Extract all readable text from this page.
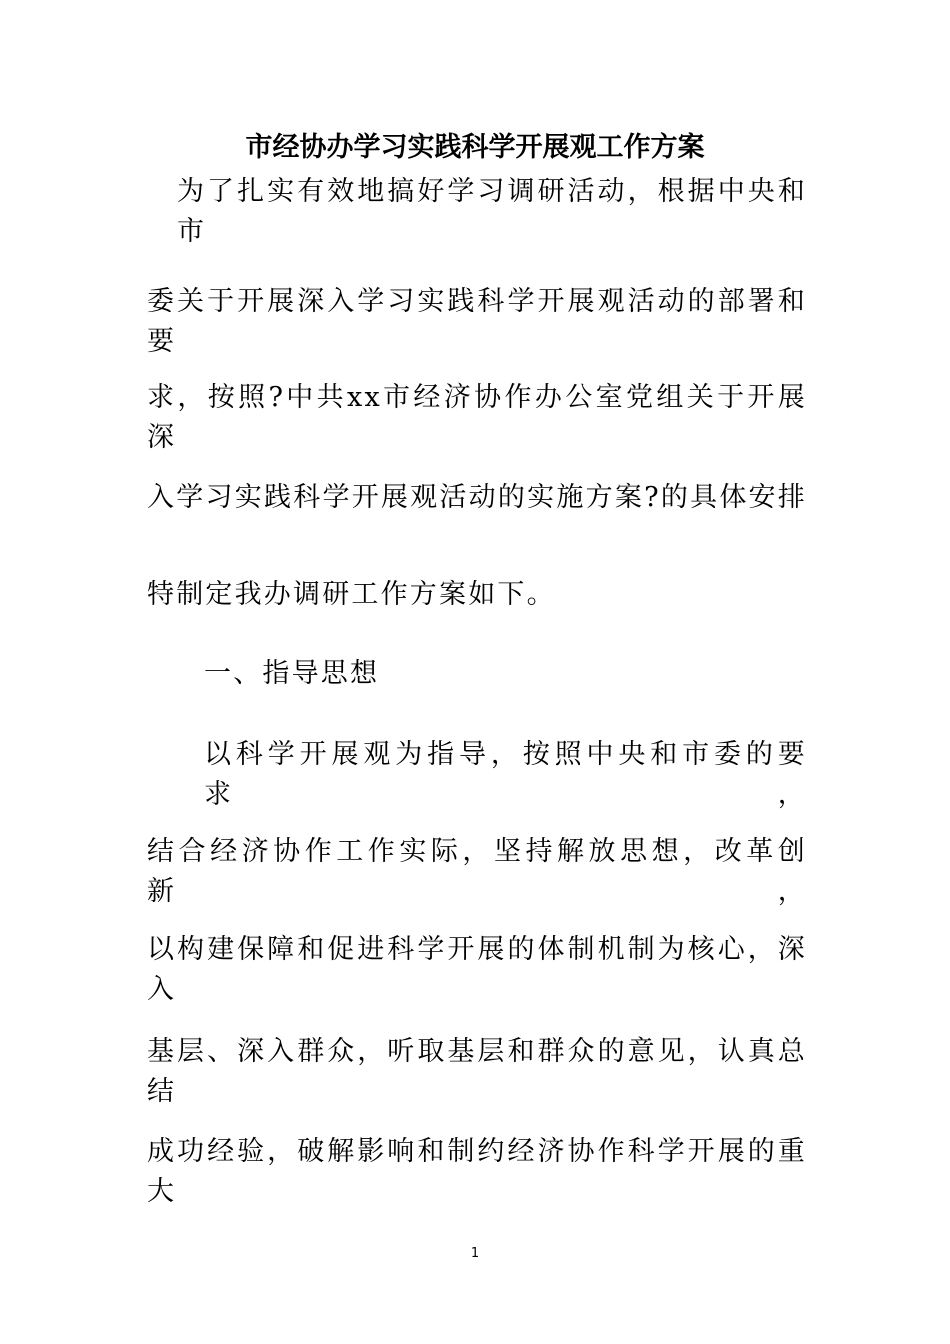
市经协办学习实践科学开展观工作方案
为了扎实有效地搞好学习调研活动，根据中央和市
委关于开展深入学习实践科学开展观活动的部署和要
求，按照?中共xx市经济协作办公室党组关于开展深
入学习实践科学开展观活动的实施方案?的具体安排
特制定我办调研工作方案如下。
一、指导思想
以科学开展观为指导，按照中央和市委的要求，
结合经济协作工作实际，坚持解放思想，改革创新，
以构建保障和促进科学开展的体制机制为核心，深入
基层、深入群众，听取基层和群众的意见，认真总结
成功经验，破解影响和制约经济协作科学开展的重大
1
